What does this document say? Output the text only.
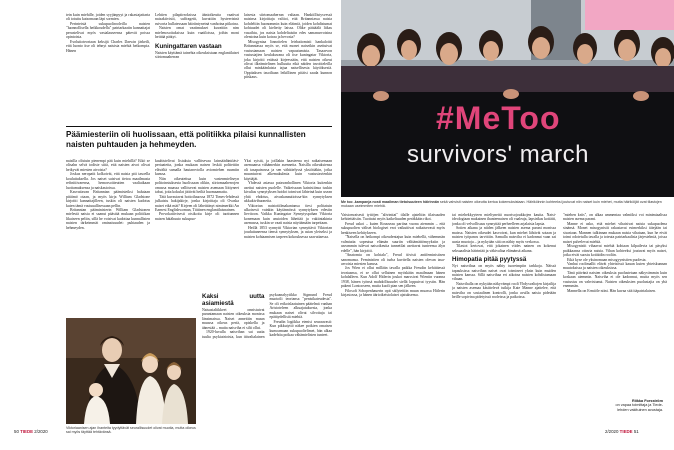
tein kuin miehille, joiden syyjänpyyt ja rakastajattaria oli totuttu katsomaan läpi sormien.

Perinteistä sukupuolirooleilla naisten "luonnollisella heikkoudella" patriarkaatin kannattajat perustelivat myös vastalauseensa pätevät poissa opintoista.

Evolutioteoriaan keksijä Charles Darwin järkeili, että luonto itse oli tehnyt naisista miehiä heikompia. Hänen

Lehtien pilapiirroksissa äänioikeutta vaativat naisaktivistit, suffragetit, kuvattiin hysteerisinä ruivorta hullatessaan häiriintyneinä vanhoina piikoina.

Naisten omat vaatimukset kuvattiin nim mielenosoituksissa kuin vaatiloissa, joihin moni heittää päätyi.

Kuningattaren vastaan

Naisten käyttämä tainehta oikeuksistaan englantilaiset siirtomaaherran

laisesta siirtomaaherran valtaan. Hankiillistysvessä naisinsa kirjoittaja valtioi, että Britanniassa naisia kohdeltiin huonommin kuin eläimiä, joiden kohdistumat kohtuudet oli kieltetty laissa. Olike päätäälä liikas vasaihtu, jos naisia kohdeltaisiin edes samanarvoisina olentoina kuin koiraa ja hevosia?

Misogyniaa linnoitelen leirbatiomisti hankaloitti Britanniassa myös se, että monet naisetkin asettuivat vastustamaan naisten vapautumista. Tasaarvon vastustajien keulakuvana oli itse kuningatar Viktoria, joka kirjoitti eräässä kirjeessään, että naisten oikeut olivat ilkeämielinen hulluutta eikä näiden tavoitteleilla ollut minkäänlaista tajua naisellisesta käytöksestä. Oppitaksen tasoiltaan leikillinen pitäisi saada kunnon piiskaus.

Päämiesteriin oli huolissaan, että politiikka pilaisi kunnallisten naisten puhtauden ja hehmeyden.

naisilla olisiuin pienempi pää kuin miehillä? Eikö se olisahn selvä todiste siitä, että naisten aivot olivat heikyvät miesten aivoista?

Joskus neropatit kolkoivät, että naisia piti tasoella kouluttuksella. Jos naiset saisivat tietoa maailmasta refinitiivarensa, hemorsoitteutten vaaliaikaan luottamuksensa ja naiskastoissa.

Kasvattavan Britannian päämisteiksi halutaan pitäimö otaan, ja myös kirja William Gladstone kirjoitti kannattajilleen, tuskin oli naisten kadotus kuten tämä vastuuallisessaan pellin.

Britannian pääministerin William Gladstonen mielestä naisia ei saanut päästää mukaan politiikan likaiseen peliin, sillä he voisivat kadottaa kunnallisten naisten tärkeimmät ominaisuudet: puhtauden ja hehmeyden.

kauhistelivat listaksia vallitsevaa lainsäädäntöäsi-periaatetta, jonka mukaan naisen leskiä polttettiin elävältä samalla hautarovtolla aviomiehen ruumiin kanssa.

Niin oikeutettua kuin vastenmieliseyn polttoinstuksesta huolissaan olikin, siirtomaaherrojen omassa maassa vallitsevat naisten asemaan liittyneet tabut, joita kokulat jättivät heiltä huomaamatta.

Tätä kuvastavat hoitoiluuossa 1872 Times-lehdessä julkaistu hakijakirje, jonka kirjoittaja oli Ovaska naiset eikä mät? Kirjeen oli läheittänyt nimimerkki An Earnest Englishwoman, Tiittinen englantilaisnainen.

Provokatiivisesti otsikoitu kirje oli taottunnen naisen hätähuuto sukupuo-

Yksi syistä, ja joillakin haasteena nyt ratkaisemaan asemaansa vähämerkin asennetta. Naisilla oikeuksiensa oli tasapainossa ja sen vähättelyssä yksiöitäkin, jotka muuntuivat alkemakulmia kuin vastustavienkin käyttäjät.

Yhdessä asiassa patavanhollinen Viktoria kuitenkin asettui naisten puolelle. Vaikeissaan kainistiinsa tuskin kivulias synnytyksen hoidot toimivat lähteinä kuin usean yhtä ehdotus, aivaskanautioissa-kin synnytyksen ukkukivihuoneita.

Viktorian naistotiilmakantansa tiesi polttatuin ulkoisesti vainkin käytännössä synnytyksen edesiin lievitoon. Vaikka Kuningatar Synnytyspohan Viktoria konemaan kuin ansioiden lähettää ja vakiintakinta asemassa, tuskin se vaati naisia näyttämään tarpeitaan.

Heillä 1853 synnytti Viktorian synnyttävä Viktorian jouduttaneensa tiensä synnytyksen, ja asian yleiseksi ja naisten kohtaamisen tarpeen kokouksessa saavuttaessa.

Viktoriaanisen ajan ihanteita tyydyttävät seurallisuudet olivat muotia, mutta oikeus sai myös täyttää tehtävänsä.
Kaksi uutta asiamiestä

Naisasialiikkeet onnistuivat parantamaan naisten oikeuksia monissa länsimaissa. Naiset anneittin muun muassa oikeus periä, opiskella ja äänestää – mutta naisviha ei silti ollut.

1920-luvulla naisvihan sai uutta tuulta psykiatrioista, kun itävaltalainen psykoanalyytikko Sigmund Freud muotoili teoriansa "penisikateudesta". Se oli erikoislaatuinen päätelmä vanhan Aristoteleen alkuajatuksesta, jonka mukaan naiset olivat silvottuja tai epätäydellisiä miehiä.

Freudin logiikka etenisi seuraavasti: Kun pikkutyttö näkee poikien omaisen kumoamaan sukupuolielimet, hän alkaa kadehtia poikaa vähämielisten tunteet.

50 TIEDE 2/2020
#MeToo
survivors' march
Me too -kampanja nosti maailman tietoisuuteen häirinnän sekä vahvisti naisten oikeutta kertoa kokemuksistaan. Häiriköinnin kohteeksi joutuvat niin naiset kuin miehet, mutta häiriköijät ovat tilastojen mukaan useimmiten miehiä.

Vaistonvaisesti tyttöjen "alivinttai" tilalle ajateltiin tilaisuuden kehitettäisiin. Tuottaisi myös kaikeltuuden peräkkäin rikot.

Freud uskoi – kuten Rousseau pariina vuona aiemmin – että sukupuolten väliset biologiset erot vaikuttivat ratkaisevasti myös henkiseen kehitykseen.

"Naisella on heikompi oikeudentajun kuin miehellä, vähemmän valmiutta sopeutua elämän suuriin välttämättömyyksiin ja useammin tulevat naisoikeutta tunnetilat asettavat tunteensa älyn edelle", hän kirjoitti.

"Anatomia on kohtalo", Freud tiivisti antifeministisen sanomansa. Feministien oli turha kuvitella naisten olevan tasa-arvoisia miesten kanssa.

Jos Wien ei ollut millään tavalla paikka Freudin kehittäessä teoriaansa, ei se ollut sellainen myöskään maailmaan hänen kohdalleen. Kun Adolf Hitlerin joukot marssivat Wieniin vuonna 1938, hänen työnsä mahdollisuudet siellä loppuivat tyystin. Hän pakeni Lontooseen, mutta kuoli pian sen jälkeen.

Filosofi Schopenhauerin opit säilytettiin muun muassa Hitlerin kirjastossa, ja hänen äärioikeistolaiset ajatuksensa.

tai miehekkyyteen mieltyneitä nuorisojoukkojen kautta. Natsi-ideologiaan mukainen ihanteenaisen oli vaaleaja, lapsirikas kotiäiti, jonka oli velvollisuus synnyttää perheelleen arjalaisia lapsia.

Sotien aikana ja niiden jälkeen naisten asema parani monissa maissa. Naisten oikeudet kasvoivat, kun miehet lähtivät sotaan ja naisten työpanos tarvittiin. Samalla naisviha ei kadonnut vaan sai uusia muotoja – ja nykyään sitä on nähty myös verkossa.

Tilastot kertovat, että jokainen viides nainen on kokenut seksuaalista häirintää ja väkivaltaa elämänsä aikana.

Himopatia pitää pyytyssä

Nyt naisvihaa on myös nähty tuoreimpiin tarkkoja. Näissä tapauksissa naisvihan naiset ovat toimineet yksin kuin muiden naisten kanssa. Sillä naisvihaa eri aikoina naisten kohdistamaan vihaan.

Naisvihalla on nykyään näkyvämpi rooli Yhdysvaltojen kirjailija ja naisten asemaa käsittelevä tutkija Kate Manne ajattelee, että naisviha on sosiaalinen kontrolli, jonka avulla naisia pidetään heille sopivina pidetyissä rooleissa ja paikoissa.

"miehen kriis", on alkaa ammentaa valmiiksi voi minimiaalissa naisten asema parani.

Manne ei usko, että miehet vihaisivat naisia sukupuolena sinänsä. Monet misogynistit rakastavat esimerkiksi äitejään tai sisariaan. Mannen tulkinnan mukaan naisia vihataan, kun he eivät toimi odotetulla tavalla ja toteuta patriarkaalisia järjestelmiä, joissa naiset palvelevat miehiä.

Misogynistit vihaavat miehiä kohtaan kilpailevia tai päsyksi paikkaansa ottavia naisia. Vihan kohteeksi joutuvat myös naiset, jotka eivät suostu kotiäidin rooliin.

Eikä kyse ole yksinomaan misogyynistien puolesta.

Vanhat roolimallit elävät yhteisössä kauan kuten yhteiskunnan muutoksissa ja naisten oikeuksissa.

Tänä päivänä naisten oikeuksia puolustetaan näkyvämmin kuin koskaan aiemmin. Naisviha ei ole kadonnut, mutta myös sen vastustus on vahvistunut. Naisten oikeuksien puolustajia on yhä enemmän.

Mannella on Ermiöle niini. Hän kuvaa sitä itäpatrialaisen.

Riikka Forsström
on vapaa toimittaja ja Tiede-lehden vakituinen avustaja.
2/2020 TIEDE 51
